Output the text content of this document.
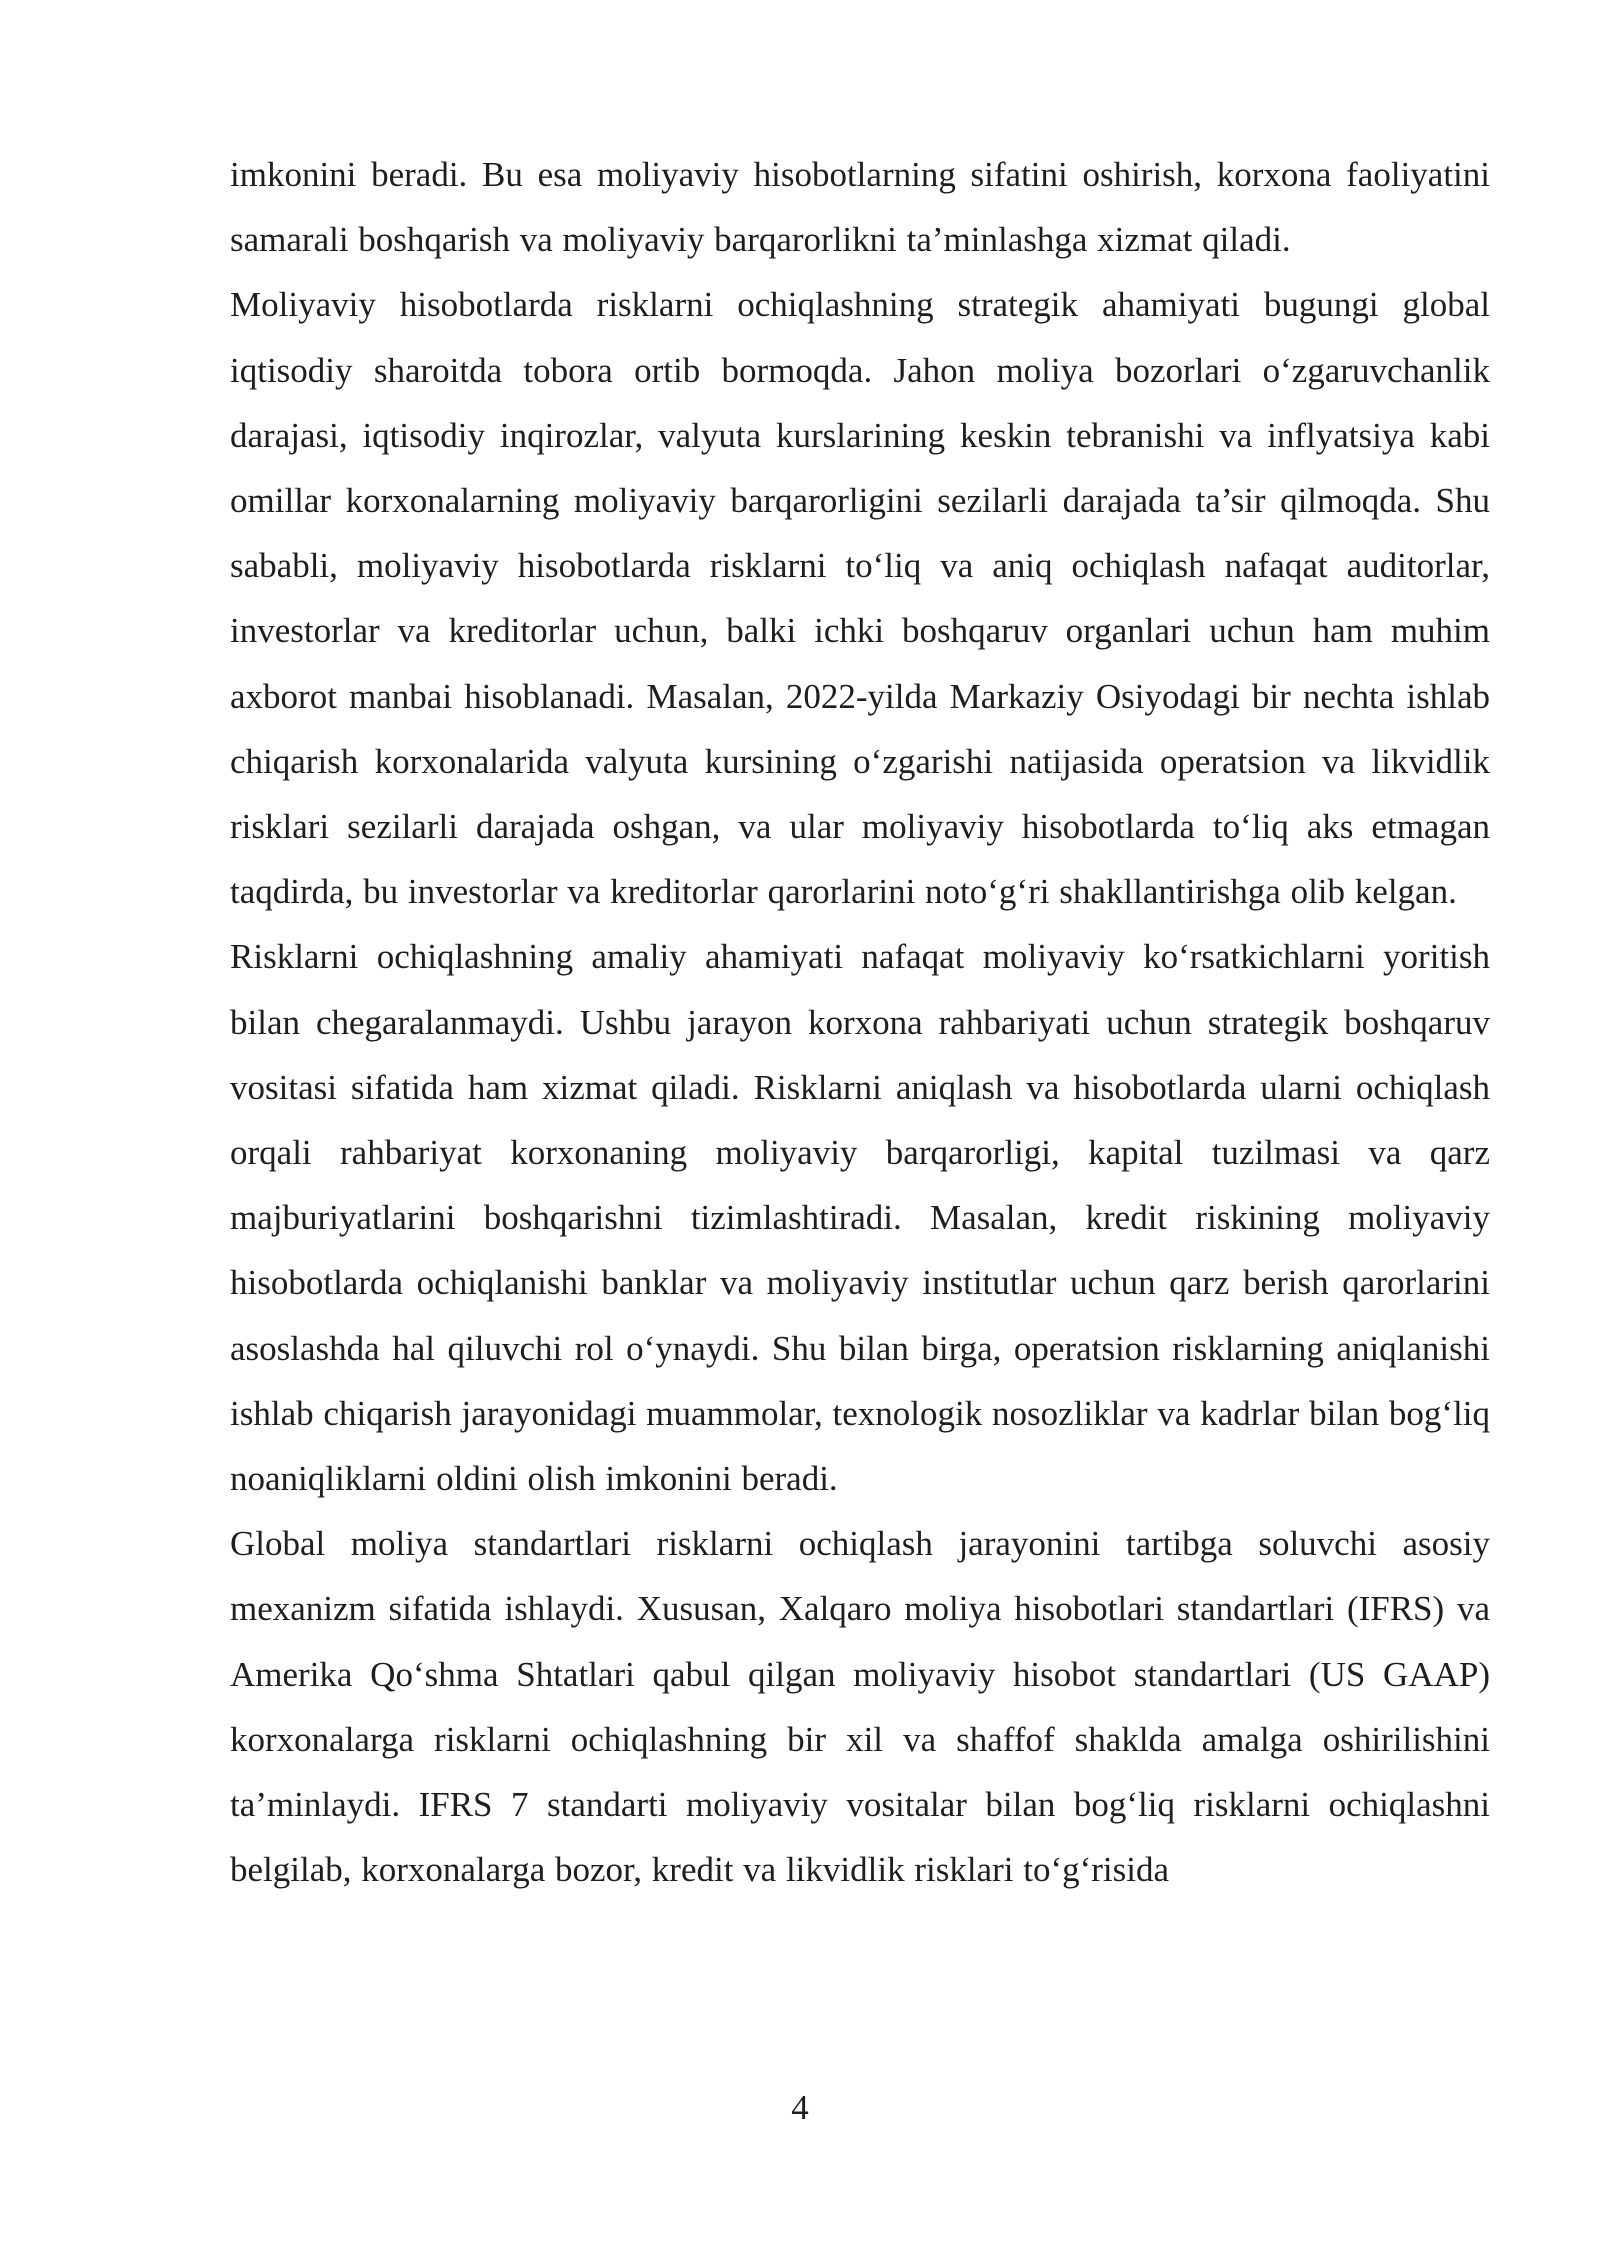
imkonini beradi. Bu esa moliyaviy hisobotlarning sifatini oshirish, korxona faoliyatini samarali boshqarish va moliyaviy barqarorlikni ta’minlashga xizmat qiladi.

Moliyaviy hisobotlarda risklarni ochiqlashning strategik ahamiyati bugungi global iqtisodiy sharoitda tobora ortib bormoqda. Jahon moliya bozorlari o‘zgaruvchanlik darajasi, iqtisodiy inqirozlar, valyuta kurslarining keskin tebranishi va inflyatsiya kabi omillar korxonalarning moliyaviy barqarorligini sezilarli darajada ta’sir qilmoqda. Shu sababli, moliyaviy hisobotlarda risklarni to‘liq va aniq ochiqlash nafaqat auditorlar, investorlar va kreditorlar uchun, balki ichki boshqaruv organlari uchun ham muhim axborot manbai hisoblanadi. Masalan, 2022-yilda Markaziy Osiyodagi bir nechta ishlab chiqarish korxonalarida valyuta kursining o‘zgarishi natijasida operatsion va likvidlik risklari sezilarli darajada oshgan, va ular moliyaviy hisobotlarda to‘liq aks etmagan taqdirda, bu investorlar va kreditorlar qarorlarini noto‘g‘ri shakllantirishga olib kelgan.

Risklarni ochiqlashning amaliy ahamiyati nafaqat moliyaviy ko‘rsatkichlarni yoritish bilan chegaralanmaydi. Ushbu jarayon korxona rahbariyati uchun strategik boshqaruv vositasi sifatida ham xizmat qiladi. Risklarni aniqlash va hisobotlarda ularni ochiqlash orqali rahbariyat korxonaning moliyaviy barqarorligi, kapital tuzilmasi va qarz majburiyatlarini boshqarishni tizimlashtiradi. Masalan, kredit riskining moliyaviy hisobotlarda ochiqlanishi banklar va moliyaviy institutlar uchun qarz berish qarorlarini asoslashda hal qiluvchi rol o‘ynaydi. Shu bilan birga, operatsion risklarning aniqlanishi ishlab chiqarish jarayonidagi muammolar, texnologik nosozliklar va kadrlar bilan bog‘liq noaniqliklarni oldini olish imkonini beradi.

Global moliya standartlari risklarni ochiqlash jarayonini tartibga soluvchi asosiy mexanizm sifatida ishlaydi. Xususan, Xalqaro moliya hisobotlari standartlari (IFRS) va Amerika Qo‘shma Shtatlari qabul qilgan moliyaviy hisobot standartlari (US GAAP) korxonalarga risklarni ochiqlashning bir xil va shaffof shaklda amalga oshirilishini ta’minlaydi. IFRS 7 standarti moliyaviy vositalar bilan bog‘liq risklarni ochiqlashni belgilab, korxonalarga bozor, kredit va likvidlik risklari to‘g‘risida

4
